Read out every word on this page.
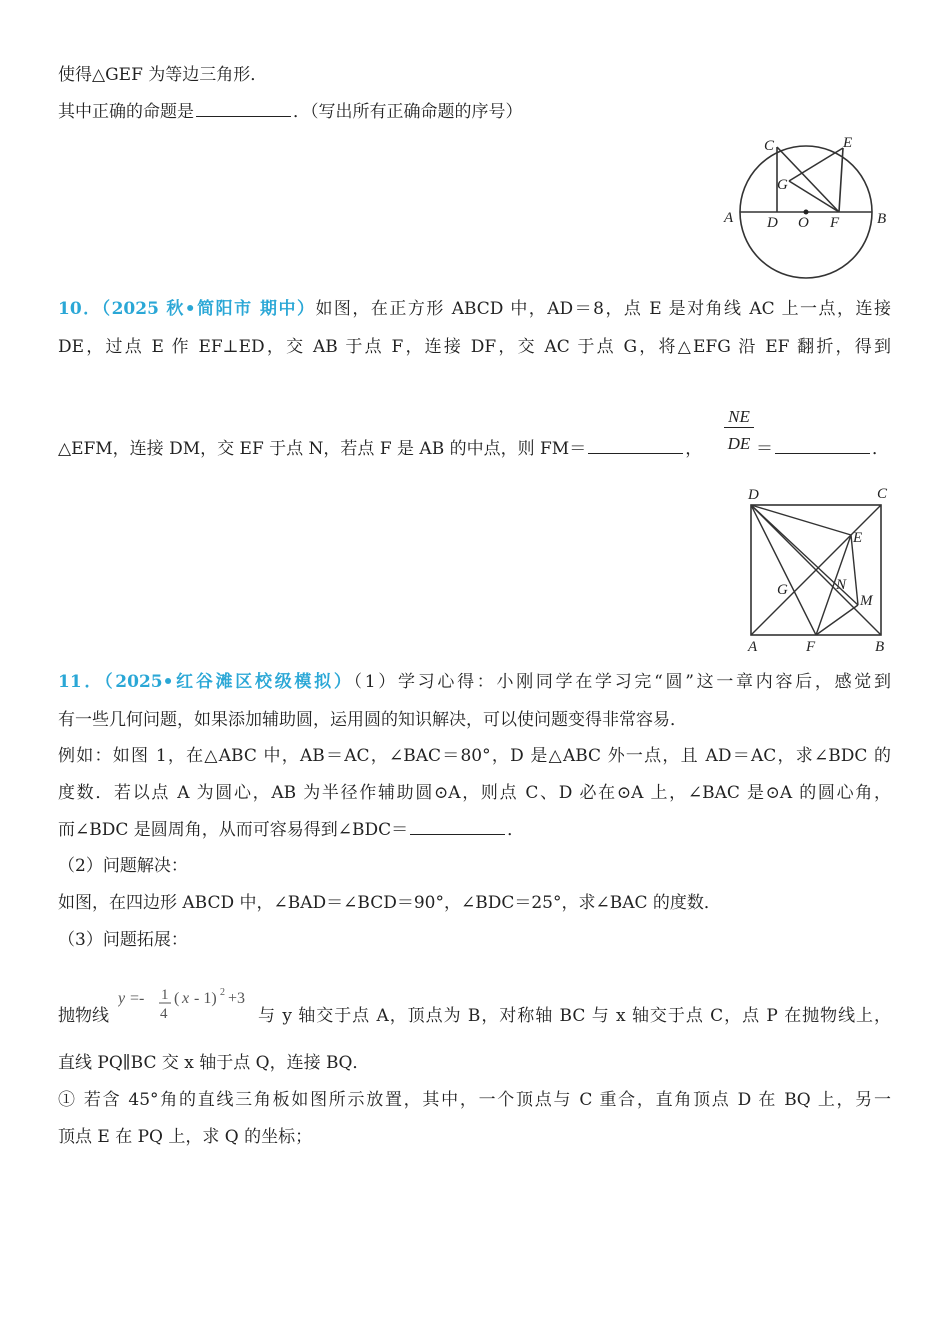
使得△GEF 为等边三角形．
其中正确的命题是	．（写出所有正确命题的序号）
C	E
G
A D O F	B
10．（2025 秋•简阳市 期中）如图，在正方形 ABCD 中，AD＝8，点 E 是对角线 AC 上一点，连接
DE，过点 E 作 EF⊥ED，交 AB 于点 F，连接 DF，交 AC 于点 G，将△EFG 沿 EF 翻折，得到
△EFM，连接 DM，交 EF 于点 N，若点 F 是 AB 的中点，则 FM＝	，
NE
DE ＝	．
D	C
E
N
G
M
A	F	B
11．（2025•红谷滩区校级模拟）（1）学习心得：小刚同学在学习完“圆”这一章内容后，感觉到
有一些几何问题，如果添加辅助圆，运用圆的知识解决，可以使问题变得非常容易．
例如：如图 1，在△ABC 中，AB＝AC，∠BAC＝80°，D 是△ABC 外一点，且 AD＝AC，求∠BDC 的
度数．若以点 A 为圆心，AB 为半径作辅助圆⊙A，则点 C、D 必在⊙A 上，∠BAC 是⊙A 的圆心角，
而∠BDC 是圆周角，从而可容易得到∠BDC＝	．
（2）问题解决：
如图，在四边形 ABCD 中，∠BAD＝∠BCD＝90°，∠BDC＝25°，求∠BAC 的度数．
（3）问题拓展：
抛物线
y =- 1
4
( x - 1) 2 +3
与 y 轴交于点 A，顶点为 B，对称轴 BC 与 x 轴交于点 C，点 P 在抛物线上，
直线 PQ∥BC 交 x 轴于点 Q，连接 BQ．
① 若含 45°角的直线三角板如图所示放置，其中，一个顶点与 C 重合，直角顶点 D 在 BQ 上，另一
顶点 E 在 PQ 上，求 Q 的坐标；
